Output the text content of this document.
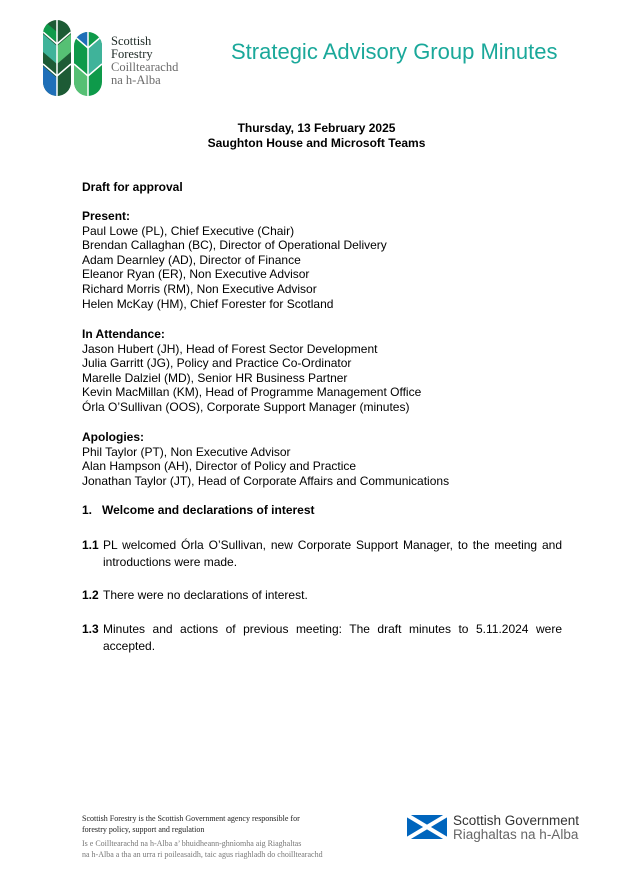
Scottish
Forestry
Coilltearachd
na h-Alba
Strategic Advisory Group Minutes
Thursday, 13 February 2025
Saughton House and Microsoft Teams
Draft for approval
Present:
Paul Lowe (PL), Chief Executive (Chair)
Brendan Callaghan (BC), Director of Operational Delivery
Adam Dearnley (AD), Director of Finance
Eleanor Ryan (ER), Non Executive Advisor
Richard Morris (RM), Non Executive Advisor
Helen McKay (HM), Chief Forester for Scotland
In Attendance:
Jason Hubert (JH), Head of Forest Sector Development
Julia Garritt (JG), Policy and Practice Co-Ordinator
Marelle Dalziel (MD), Senior HR Business Partner
Kevin MacMillan (KM), Head of Programme Management Office
Órla O’Sullivan (OOS), Corporate Support Manager (minutes)
Apologies:
Phil Taylor (PT), Non Executive Advisor
Alan Hampson (AH), Director of Policy and Practice
Jonathan Taylor (JT), Head of Corporate Affairs and Communications
1. Welcome and declarations of interest
1.1 PL welcomed Órla O’Sullivan, new Corporate Support Manager, to the meeting and introductions were made.
1.2 There were no declarations of interest.
1.3 Minutes and actions of previous meeting: The draft minutes to 5.11.2024 were accepted.
Scottish Forestry is the Scottish Government agency responsible for
forestry policy, support and regulation
Is e Coilltearachd na h-Alba a’ bhuidheann-ghnìomha aig Riaghaltas
na h-Alba a tha an urra ri poileasaidh, taic agus riaghladh do choilltearachd
Scottish Government
Riaghaltas na h-Alba
